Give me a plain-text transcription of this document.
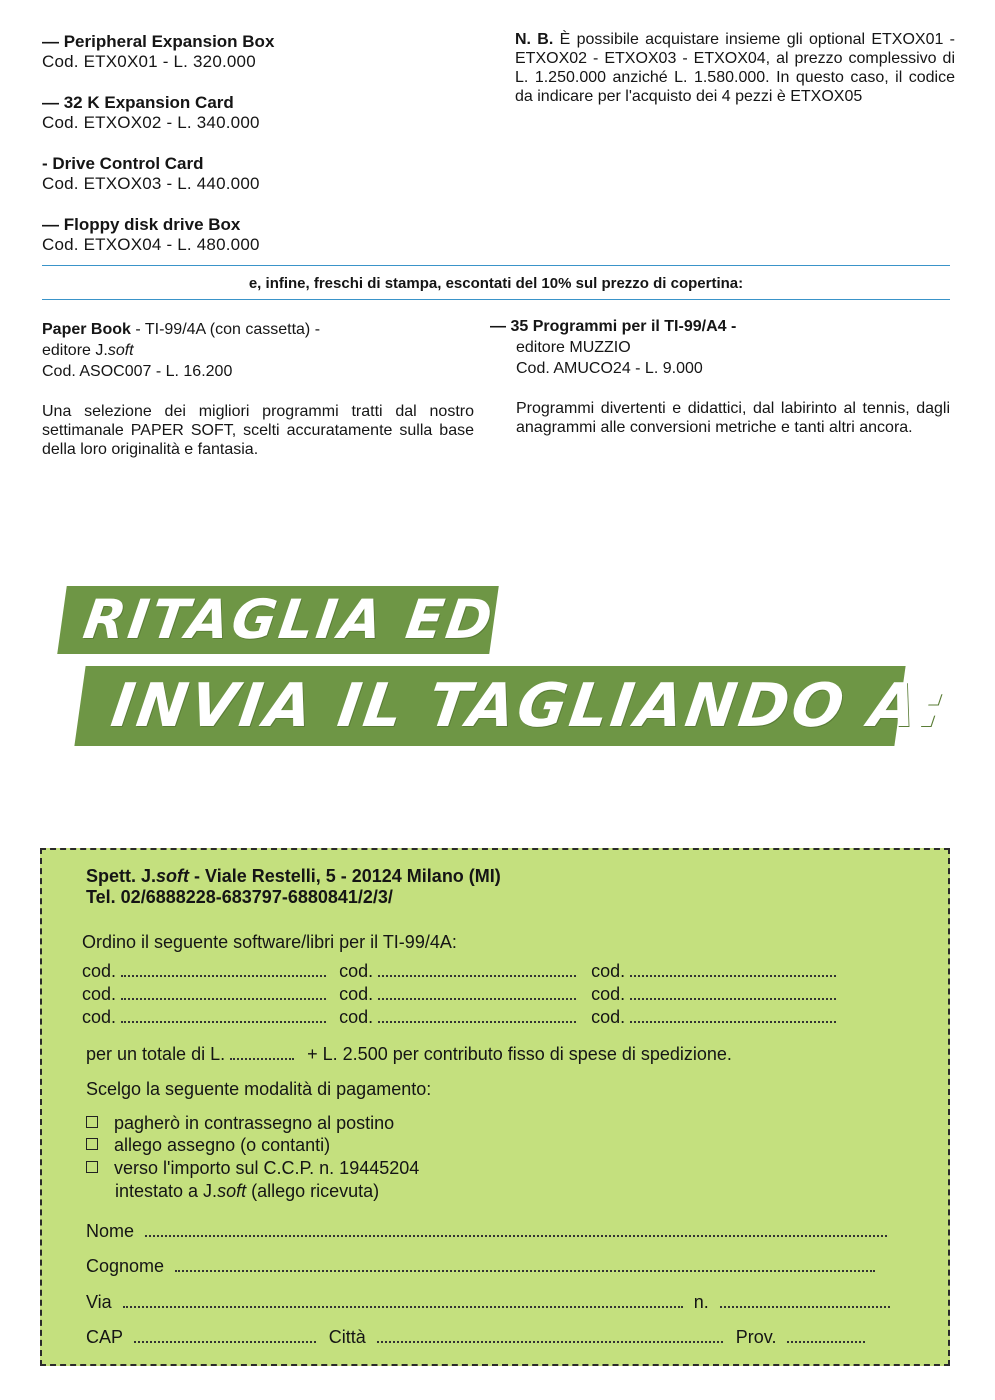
— Peripheral Expansion Box
Cod. ETX0X01 - L. 320.000
— 32 K Expansion Card
Cod. ETXOX02 - L. 340.000
- Drive Control Card
Cod. ETXOX03 - L. 440.000
— Floppy disk drive Box
Cod. ETXOX04 - L. 480.000
N. B. È possibile acquistare insieme gli optional ETXOX01 - ETXOX02 - ETXOX03 - ETXOX04, al prezzo complessivo di L. 1.250.000 anziché L. 1.580.000. In questo caso, il codice da indicare per l'acquisto dei 4 pezzi è ETXOX05
e, infine, freschi di stampa, escontati del 10% sul prezzo di copertina:
Paper Book - TI-99/4A (con cassetta) -
editore J.soft
Cod. ASOC007 - L. 16.200
Una selezione dei migliori programmi tratti dal nostro settimanale PAPER SOFT, scelti accuratamente sulla base della loro originalità e fantasia.
— 35 Programmi per il TI-99/A4 -
editore MUZZIO
Cod. AMUCO24 - L. 9.000
Programmi divertenti e didattici, dal labirinto al tennis, dagli anagrammi alle conversioni metriche e tanti altri ancora.
RITAGLIA ED
INVIA IL TAGLIANDO A:
Spett. J.soft - Viale Restelli, 5 - 20124 Milano (MI)
Tel. 02/6888228-683797-6880841/2/3/
Ordino il seguente software/libri per il TI-99/4A:
cod.	cod.	cod.
cod.	cod.	cod.
cod.	cod.	cod.
per un totale di L.	+ L. 2.500 per contributo fisso di spese di spedizione.
Scelgo la seguente modalità di pagamento:
pagherò in contrassegno al postino
allego assegno (o contanti)
verso l'importo sul C.C.P. n. 19445204
intestato a J.soft (allego ricevuta)
Nome
Cognome
Via	n.
CAP	Città	Prov.
